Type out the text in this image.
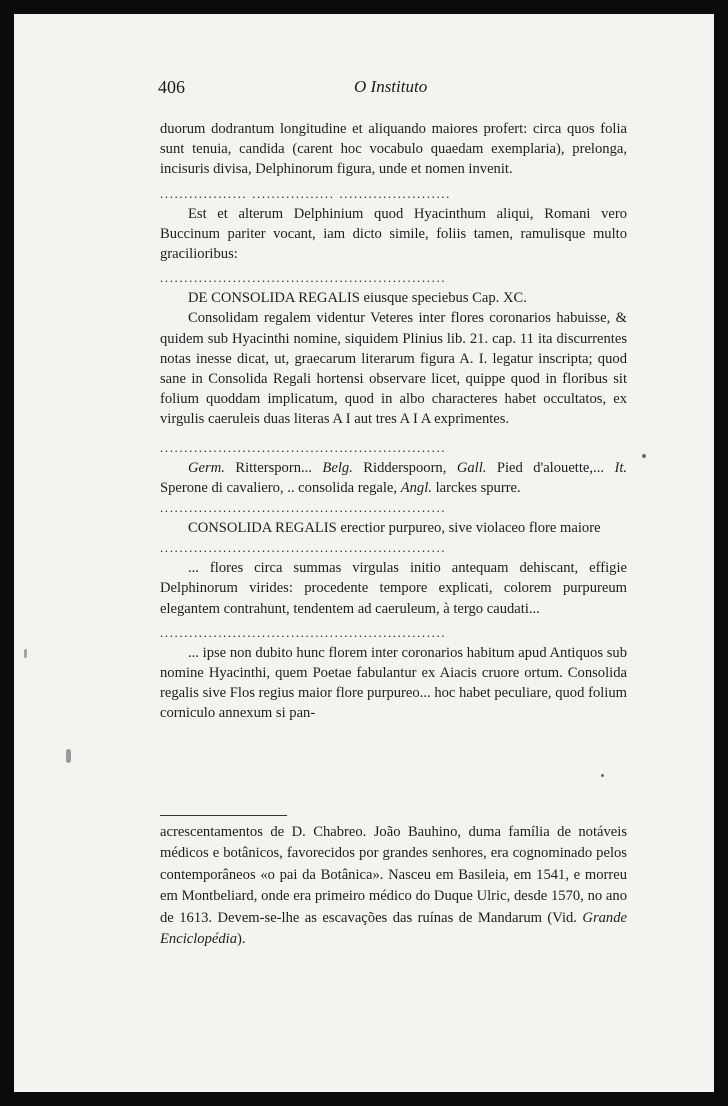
406	O Instituto

duorum dodrantum longitudine et aliquando maiores profert: circa quos folia sunt tenuia, candida (carent hoc vocabulo quaedam exemplaria), prelonga, incisuris divisa, Delphinorum figura, unde et nomen invenit.

.................. ................. .......................

Est et alterum Delphinium quod Hyacinthum aliqui, Romani vero Buccinum pariter vocant, iam dicto simile, foliis tamen, ramulisque multo gracilioribus:

...........................................................

DE CONSOLIDA REGALIS eiusque speciebus Cap. XC.

Consolidam regalem videntur Veteres inter flores coronarios habuisse, & quidem sub Hyacinthi nomine, siquidem Plinius lib. 21. cap. 11 ita discurrentes notas inesse dicat, ut, graecarum literarum figura A. I. legatur inscripta; quod sane in Consolida Regali hortensi observare licet, quippe quod in floribus sit folium quoddam implicatum, quod in albo characteres habet occultatos, ex virgulis caeruleis duas literas A I aut tres A I A exprimentes.

...........................................................

Germ. Rittersporn... Belg. Ridderspoorn, Gall. Pied d'alouette,... It. Sperone di cavaliero, .. consolida regale, Angl. larckes spurre.

...........................................................

CONSOLIDA REGALIS erectior purpureo, sive violaceo flore maiore

...........................................................

... flores circa summas virgulas initio antequam dehiscant, effigie Delphinorum virides: procedente tempore explicati, colorem purpureum elegantem contrahunt, tendentem ad caeruleum, à tergo caudati...

...........................................................

... ipse non dubito hunc florem inter coronarios habitum apud Antiquos sub nomine Hyacinthi, quem Poetae fabulantur ex Aiacis cruore ortum. Consolida regalis sive Flos regius maior flore purpureo... hoc habet peculiare, quod folium corniculo annexum si pan-

acrescentamentos de D. Chabreo. João Bauhino, duma família de notáveis médicos e botânicos, favorecidos por grandes senhores, era cognominado pelos contemporâneos «o pai da Botânica». Nasceu em Basileia, em 1541, e morreu em Montbeliard, onde era primeiro médico do Duque Ulric, desde 1570, no ano de 1613. Devem-se-lhe as escavações das ruínas de Mandarum (Vid. Grande Enciclopédia).
